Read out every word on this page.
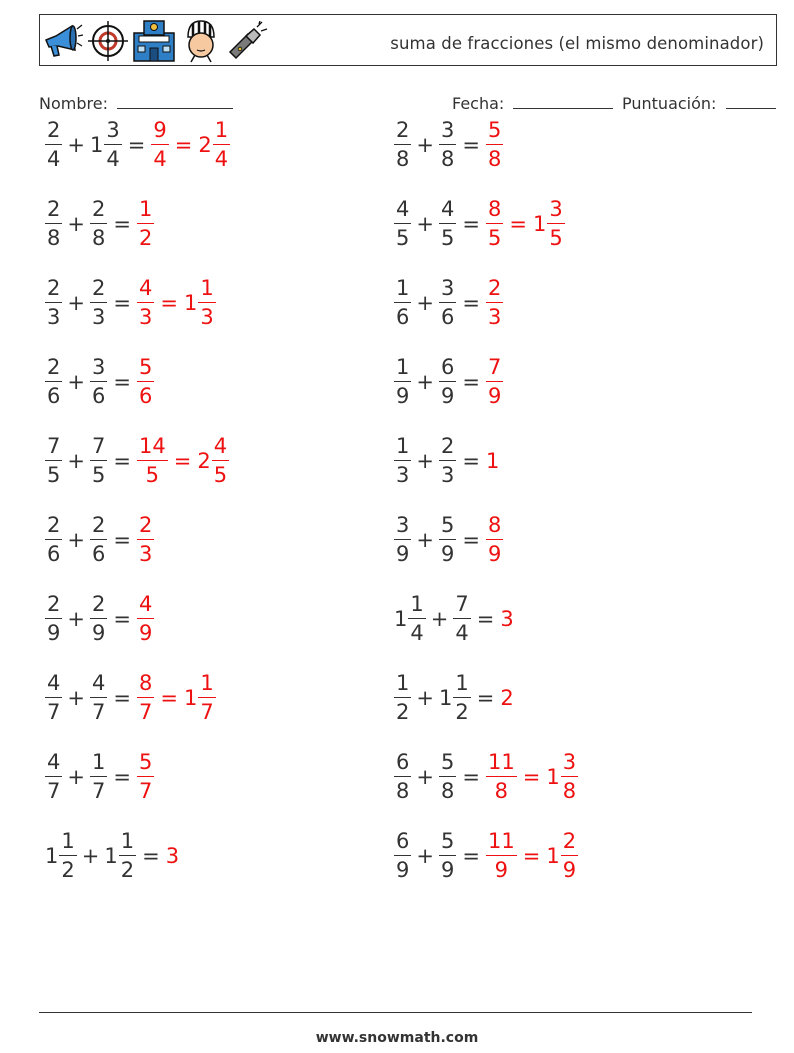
suma de fracciones (el mismo denominador)
Nombre:	Fecha:	Puntuación:
$\frac{2}{4} + 1 \frac{3}{4} = \frac{9}{4} = 2 \frac{1}{4}$
$\frac{2}{8} + \frac{2}{8} = \frac{1}{2}$
$\frac{2}{3} + \frac{2}{3} = \frac{4}{3} = 1 \frac{1}{3}$
$\frac{2}{6} + \frac{3}{6} = \frac{5}{6}$
$\frac{7}{5} + \frac{7}{5} = \frac{14}{5} = 2 \frac{4}{5}$
$\frac{2}{6} + \frac{2}{6} = \frac{2}{3}$
$\frac{2}{9} + \frac{2}{9} = \frac{4}{9}$
$\frac{4}{7} + \frac{4}{7} = \frac{8}{7} = 1 \frac{1}{7}$
$\frac{4}{7} + \frac{1}{7} = \frac{5}{7}$
$1 \frac{1}{2} + 1 \frac{1}{2} = 3$
$\frac{2}{8} + \frac{3}{8} = \frac{5}{8}$
$\frac{4}{5} + \frac{4}{5} = \frac{8}{5} = 1 \frac{3}{5}$
$\frac{1}{6} + \frac{3}{6} = \frac{2}{3}$
$\frac{1}{9} + \frac{6}{9} = \frac{7}{9}$
$\frac{1}{3} + \frac{2}{3} = 1$
$\frac{3}{9} + \frac{5}{9} = \frac{8}{9}$
$1 \frac{1}{4} + \frac{7}{4} = 3$
$\frac{1}{2} + 1 \frac{1}{2} = 2$
$\frac{6}{8} + \frac{5}{8} = \frac{11}{8} = 1 \frac{3}{8}$
$\frac{6}{9} + \frac{5}{9} = \frac{11}{9} = 1 \frac{2}{9}$
www.snowmath.com
